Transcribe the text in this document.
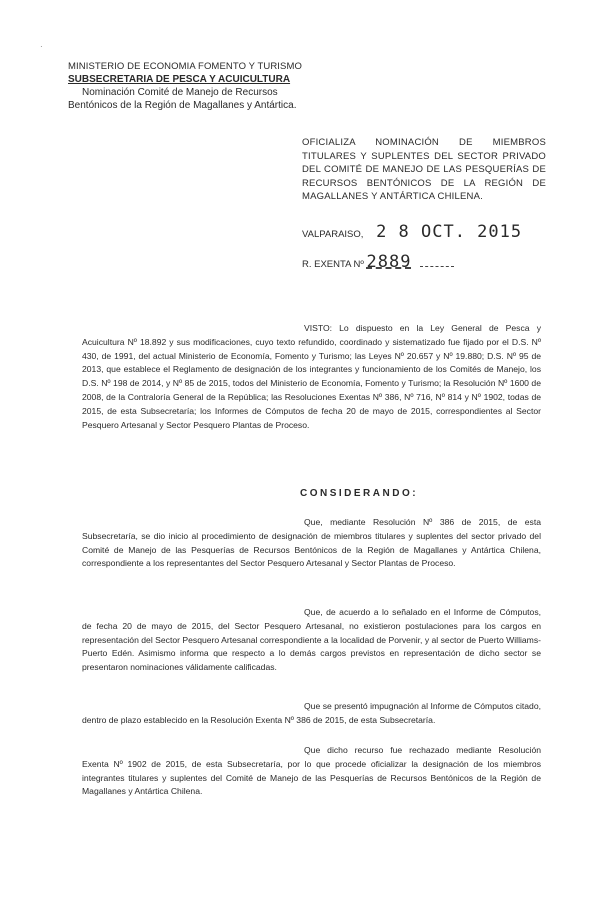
·
MINISTERIO DE ECONOMIA FOMENTO Y TURISMO
SUBSECRETARIA DE PESCA Y ACUICULTURA
Nominación Comité de Manejo de Recursos
Bentónicos de la Región de Magallanes y Antártica.
OFICIALIZA NOMINACIÓN DE MIEMBROS TITULARES Y SUPLENTES DEL SECTOR PRIVADO DEL COMITÉ DE MANEJO DE LAS PESQUERÍAS DE RECURSOS BENTÓNICOS DE LA REGIÓN DE MAGALLANES Y ANTÁRTICA CHILENA.
VALPARAISO, 2 8 OCT. 2015
R. EXENTA Nº 2889
VISTO: Lo dispuesto en la Ley General de Pesca y Acuicultura Nº 18.892 y sus modificaciones, cuyo texto refundido, coordinado y sistematizado fue fijado por el D.S. Nº 430, de 1991, del actual Ministerio de Economía, Fomento y Turismo; las Leyes Nº 20.657 y Nº 19.880; D.S. Nº 95 de 2013, que establece el Reglamento de designación de los integrantes y funcionamiento de los Comités de Manejo, los D.S. Nº 198 de 2014, y Nº 85 de 2015, todos del Ministerio de Economía, Fomento y Turismo; la Resolución Nº 1600 de 2008, de la Contraloría General de la República; las Resoluciones Exentas Nº 386, Nº 716, Nº 814 y Nº 1902, todas de 2015, de esta Subsecretaría; los Informes de Cómputos de fecha 20 de mayo de 2015, correspondientes al Sector Pesquero Artesanal y Sector Pesquero Plantas de Proceso.
CONSIDERANDO:
Que, mediante Resolución Nº 386 de 2015, de esta Subsecretaría, se dio inicio al procedimiento de designación de miembros titulares y suplentes del sector privado del Comité de Manejo de las Pesquerías de Recursos Bentónicos de la Región de Magallanes y Antártica Chilena, correspondiente a los representantes del Sector Pesquero Artesanal y Sector Plantas de Proceso.
Que, de acuerdo a lo señalado en el Informe de Cómputos, de fecha 20 de mayo de 2015, del Sector Pesquero Artesanal, no existieron postulaciones para los cargos en representación del Sector Pesquero Artesanal correspondiente a la localidad de Porvenir, y al sector de Puerto Williams- Puerto Edén. Asimismo informa que respecto a lo demás cargos previstos en representación de dicho sector se presentaron nominaciones válidamente calificadas.
Que se presentó impugnación al Informe de Cómputos citado, dentro de plazo establecido en la Resolución Exenta Nº 386 de 2015, de esta Subsecretaría.
Que dicho recurso fue rechazado mediante Resolución Exenta Nº 1902 de 2015, de esta Subsecretaría, por lo que procede oficializar la designación de los miembros integrantes titulares y suplentes del Comité de Manejo de las Pesquerías de Recursos Bentónicos de la Región de Magallanes y Antártica Chilena.
